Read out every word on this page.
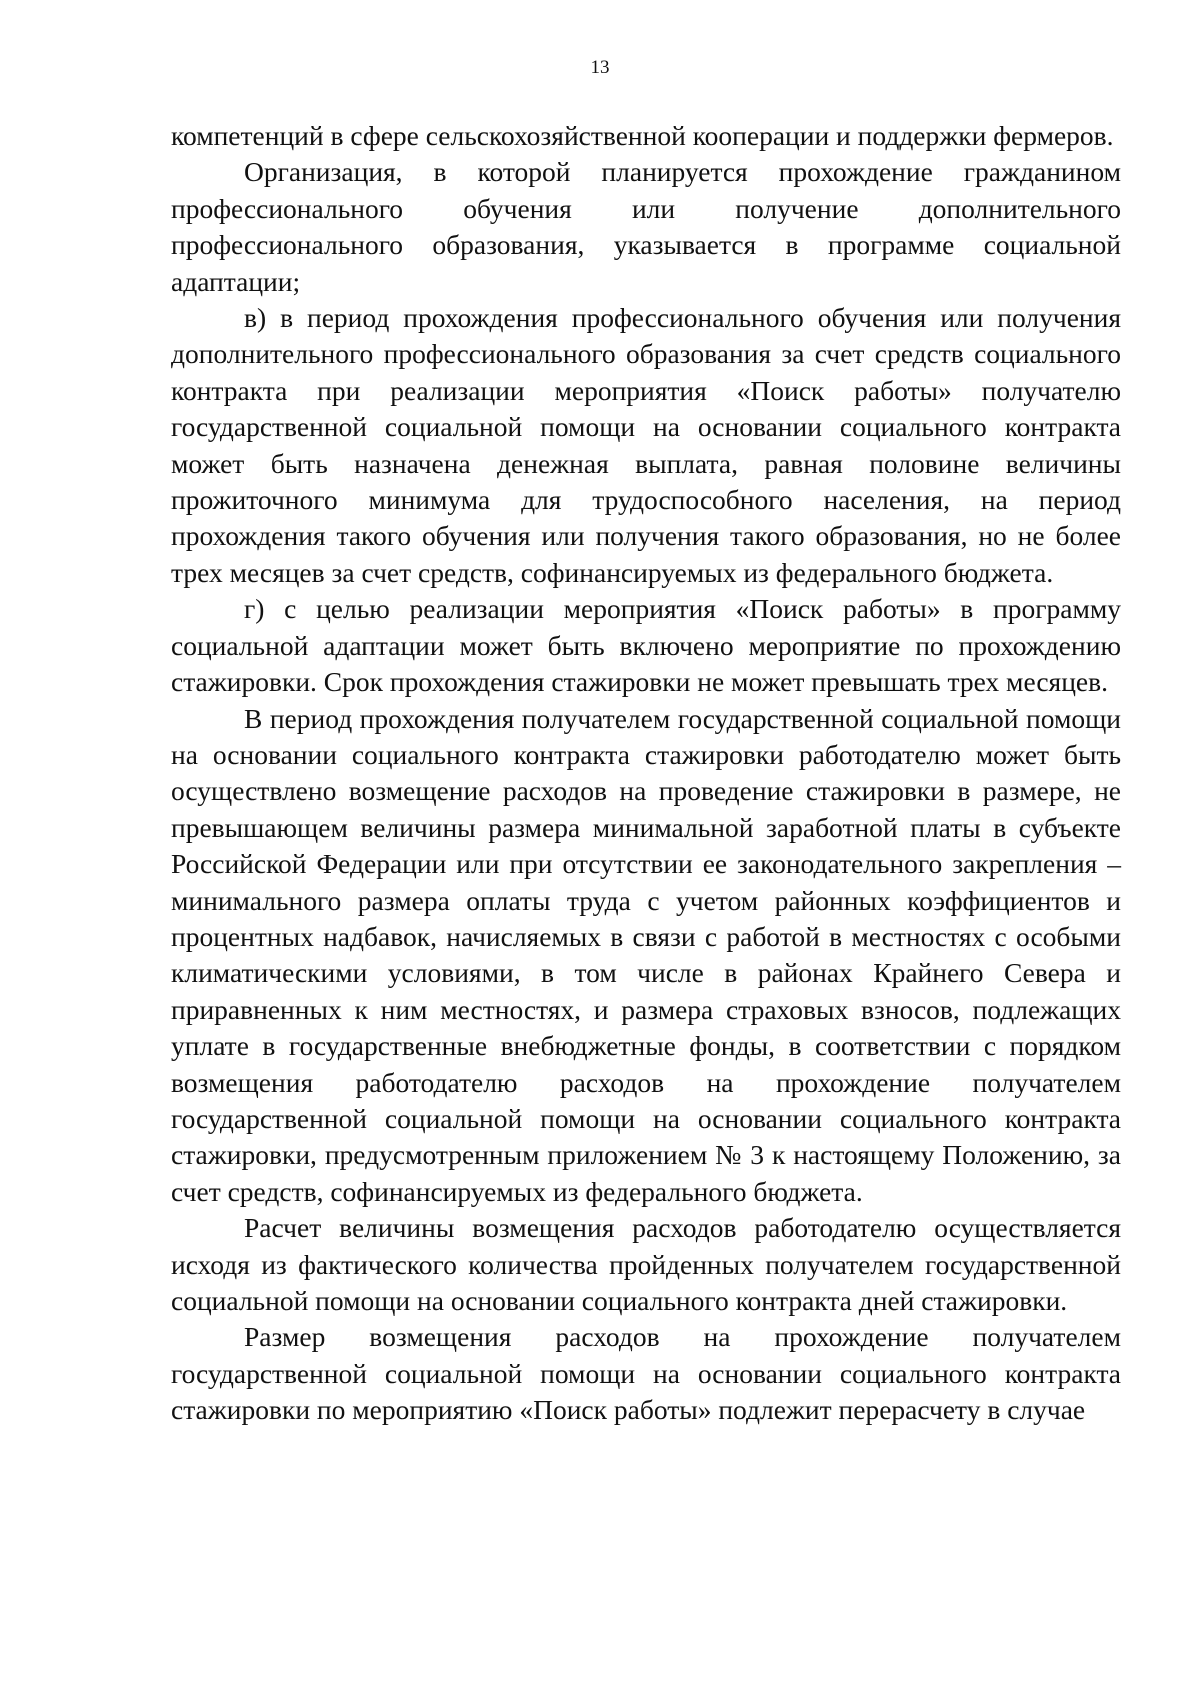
13

компетенций в сфере сельскохозяйственной кооперации и поддержки фермеров.

Организация, в которой планируется прохождение гражданином профессионального обучения или получение дополнительного профессионального образования, указывается в программе социальной адаптации;

в) в период прохождения профессионального обучения или получения дополнительного профессионального образования за счет средств социального контракта при реализации мероприятия «Поиск работы» получателю государственной социальной помощи на основании социального контракта может быть назначена денежная выплата, равная половине величины прожиточного минимума для трудоспособного населения, на период прохождения такого обучения или получения такого образования, но не более трех месяцев за счет средств, софинансируемых из федерального бюджета.

г) с целью реализации мероприятия «Поиск работы» в программу социальной адаптации может быть включено мероприятие по прохождению стажировки. Срок прохождения стажировки не может превышать трех месяцев.

В период прохождения получателем государственной социальной помощи на основании социального контракта стажировки работодателю может быть осуществлено возмещение расходов на проведение стажировки в размере, не превышающем величины размера минимальной заработной платы в субъекте Российской Федерации или при отсутствии ее законодательного закрепления – минимального размера оплаты труда с учетом районных коэффициентов и процентных надбавок, начисляемых в связи с работой в местностях с особыми климатическими условиями, в том числе в районах Крайнего Севера и приравненных к ним местностях, и размера страховых взносов, подлежащих уплате в государственные внебюджетные фонды, в соответствии с порядком возмещения работодателю расходов на прохождение получателем государственной социальной помощи на основании социального контракта стажировки, предусмотренным приложением № 3 к настоящему Положению, за счет средств, софинансируемых из федерального бюджета.

Расчет величины возмещения расходов работодателю осуществляется исходя из фактического количества пройденных получателем государственной социальной помощи на основании социального контракта дней стажировки.

Размер возмещения расходов на прохождение получателем государственной социальной помощи на основании социального контракта стажировки по мероприятию «Поиск работы» подлежит перерасчету в случае
